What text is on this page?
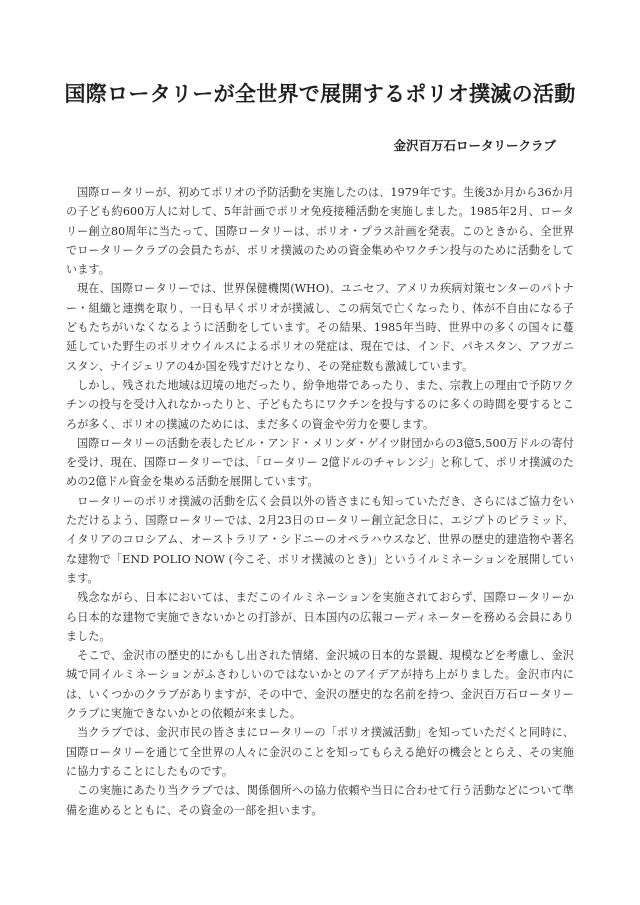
国際ロータリーが全世界で展開するポリオ撲滅の活動
金沢百万石ロータリークラブ

国際ロータリーが、初めてポリオの予防活動を実施したのは、1979年です。生後3か月から36か月の子ども約600万人に対して、5年計画でポリオ免疫接種活動を実施しました。1985年2月、ロータリー創立80周年に当たって、国際ロータリーは、ポリオ・プラス計画を発表。このときから、全世界でロータリークラブの会員たちが、ポリオ撲滅のための資金集めやワクチン投与のために活動をしています。

現在、国際ロータリーでは、世界保健機関(WHO)、ユニセフ、アメリカ疾病対策センターのパトナー・組織と連携を取り、一日も早くポリオが撲滅し、この病気で亡くなったり、体が不自由になる子どもたちがいなくなるように活動をしています。その結果、1985年当時、世界中の多くの国々に蔓延していた野生のポリオウイルスによるポリオの発症は、現在では、インド、パキスタン、アフガニスタン、ナイジェリアの4か国を残すだけとなり、その発症数も激減しています。

しかし、残された地域は辺境の地だったり、紛争地帯であったり、また、宗教上の理由で予防ワクチンの投与を受け入れなかったりと、子どもたちにワクチンを投与するのに多くの時間を要するところが多く、ポリオの撲滅のためには、まだ多くの資金や労力を要します。

国際ロータリーの活動を表したビル・アンド・メリンダ・ゲイツ財団からの3億5,500万ドルの寄付を受け、現在、国際ロータリーでは、「ロータリー 2億ドルのチャレンジ」と称して、ポリオ撲滅のための2億ドル資金を集める活動を展開しています。

ロータリーのポリオ撲滅の活動を広く会員以外の皆さまにも知っていただき、さらにはご協力をいただけるよう、国際ロータリーでは、2月23日のロータリー創立記念日に、エジプトのピラミッド、イタリアのコロシアム、オーストラリア・シドニーのオペラハウスなど、世界の歴史的建造物や著名な建物で「END POLIO NOW (今こそ、ポリオ撲滅のとき)」というイルミネーションを展開しています。

残念ながら、日本においては、まだこのイルミネーションを実施されておらず、国際ロータリーから日本的な建物で実施できないかとの打診が、日本国内の広報コーディネーターを務める会員にありました。

そこで、金沢市の歴史的にかもし出された情緒、金沢城の日本的な景観、規模などを考慮し、金沢城で同イルミネーションがふさわしいのではないかとのアイデアが持ち上がりました。金沢市内には、いくつかのクラブがありますが、その中で、金沢の歴史的な名前を持つ、金沢百万石ロータリークラブに実施できないかとの依頼が来ました。

当クラブでは、金沢市民の皆さまにロータリーの「ポリオ撲滅活動」を知っていただくと同時に、国際ロータリーを通じて全世界の人々に金沢のことを知ってもらえる絶好の機会ととらえ、その実施に協力することにしたものです。

この実施にあたり当クラブでは、関係個所への協力依頼や当日に合わせて行う活動などについて準備を進めるとともに、その資金の一部を担います。
